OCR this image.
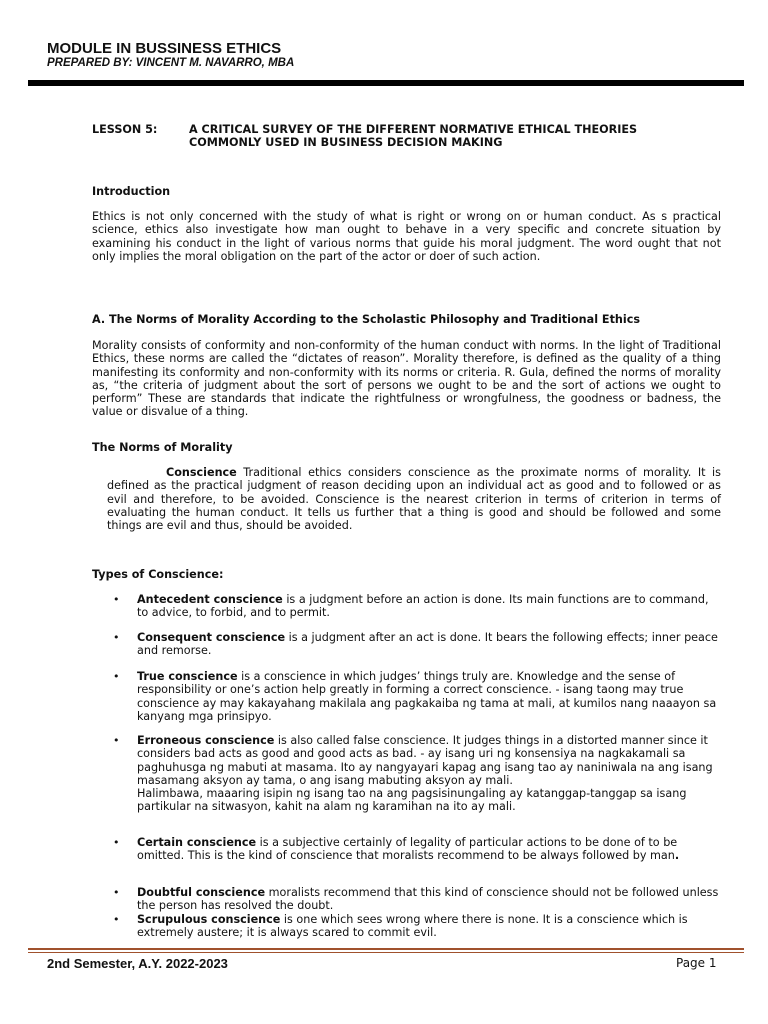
MODULE IN BUSSINESS ETHICS
PREPARED BY: VINCENT M. NAVARRO, MBA
LESSON 5:	A CRITICAL SURVEY OF THE DIFFERENT NORMATIVE ETHICAL THEORIES COMMONLY USED IN BUSINESS DECISION MAKING
Introduction
Ethics is not only concerned with the study of what is right or wrong on or human conduct. As s practical science, ethics also investigate how man ought to behave in a very specific and concrete situation by examining his conduct in the light of various norms that guide his moral judgment. The word ought that not only implies the moral obligation on the part of the actor or doer of such action.
A. The Norms of Morality According to the Scholastic Philosophy and Traditional Ethics
Morality consists of conformity and non-conformity of the human conduct with norms. In the light of Traditional Ethics, these norms are called the “dictates of reason”. Morality therefore, is defined as the quality of a thing manifesting its conformity and non-conformity with its norms or criteria. R. Gula, defined the norms of morality as, “the criteria of judgment about the sort of persons we ought to be and the sort of actions we ought to perform” These are standards that indicate the rightfulness or wrongfulness, the goodness or badness, the value or disvalue of a thing.
The Norms of Morality
Conscience Traditional ethics considers conscience as the proximate norms of morality. It is defined as the practical judgment of reason deciding upon an individual act as good and to followed or as evil and therefore, to be avoided. Conscience is the nearest criterion in terms of criterion in terms of evaluating the human conduct. It tells us further that a thing is good and should be followed and some things are evil and thus, should be avoided.
Types of Conscience:
• Antecedent conscience is a judgment before an action is done. Its main functions are to command, to advice, to forbid, and to permit.
• Consequent conscience is a judgment after an act is done. It bears the following effects; inner peace and remorse.
• True conscience is a conscience in which judges’ things truly are. Knowledge and the sense of responsibility or one’s action help greatly in forming a correct conscience. - isang taong may true conscience ay may kakayahang makilala ang pagkakaiba ng tama at mali, at kumilos nang naaayon sa kanyang mga prinsipyo.
• Erroneous conscience is also called false conscience. It judges things in a distorted manner since it considers bad acts as good and good acts as bad. - ay isang uri ng konsensiya na nagkakamali sa paghuhusga ng mabuti at masama. Ito ay nangyayari kapag ang isang tao ay naniniwala na ang isang masamang aksyon ay tama, o ang isang mabuting aksyon ay mali.
Halimbawa, maaaring isipin ng isang tao na ang pagsisinungaling ay katanggap-tanggap sa isang partikular na sitwasyon, kahit na alam ng karamihan na ito ay mali.
• Certain conscience is a subjective certainly of legality of particular actions to be done of to be omitted. This is the kind of conscience that moralists recommend to be always followed by man.
• Doubtful conscience moralists recommend that this kind of conscience should not be followed unless the person has resolved the doubt.
• Scrupulous conscience is one which sees wrong where there is none. It is a conscience which is extremely austere; it is always scared to commit evil.
2nd Semester, A.Y. 2022-2023	Page 1
